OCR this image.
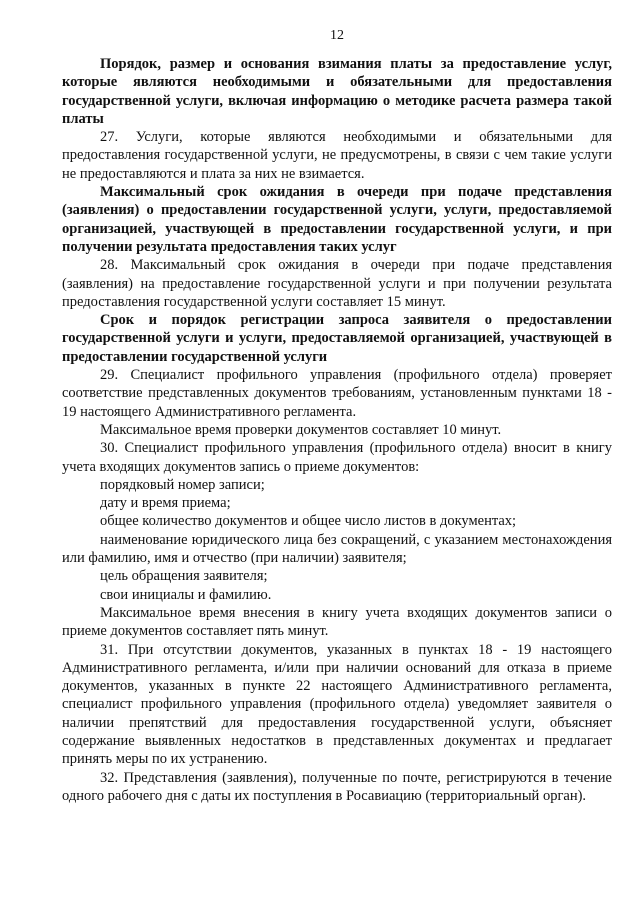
12

Порядок, размер и основания взимания платы за предоставление услуг, которые являются необходимыми и обязательными для предоставления государственной услуги, включая информацию о методике расчета размера такой платы

27. Услуги, которые являются необходимыми и обязательными для предоставления государственной услуги, не предусмотрены, в связи с чем такие услуги не предоставляются и плата за них не взимается.

Максимальный срок ожидания в очереди при подаче представления (заявления) о предоставлении государственной услуги, услуги, предоставляемой организацией, участвующей в предоставлении государственной услуги, и при получении результата предоставления таких услуг

28. Максимальный срок ожидания в очереди при подаче представления (заявления) на предоставление государственной услуги и при получении результата предоставления государственной услуги составляет 15 минут.

Срок и порядок регистрации запроса заявителя о предоставлении государственной услуги и услуги, предоставляемой организацией, участвующей в предоставлении государственной услуги

29. Специалист профильного управления (профильного отдела) проверяет соответствие представленных документов требованиям, установленным пунктами 18 - 19 настоящего Административного регламента.

Максимальное время проверки документов составляет 10 минут.

30. Специалист профильного управления (профильного отдела) вносит в книгу учета входящих документов запись о приеме документов:

порядковый номер записи;

дату и время приема;

общее количество документов и общее число листов в документах;

наименование юридического лица без сокращений, с указанием местонахождения или фамилию, имя и отчество (при наличии) заявителя;

цель обращения заявителя;

свои инициалы и фамилию.

Максимальное время внесения в книгу учета входящих документов записи о приеме документов составляет пять минут.

31. При отсутствии документов, указанных в пунктах 18 - 19 настоящего Административного регламента, и/или при наличии оснований для отказа в приеме документов, указанных в пункте 22 настоящего Административного регламента, специалист профильного управления (профильного отдела) уведомляет заявителя о наличии препятствий для предоставления государственной услуги, объясняет содержание выявленных недостатков в представленных документах и предлагает принять меры по их устранению.

32. Представления (заявления), полученные по почте, регистрируются в течение одного рабочего дня с даты их поступления в Росавиацию (территориальный орган).
